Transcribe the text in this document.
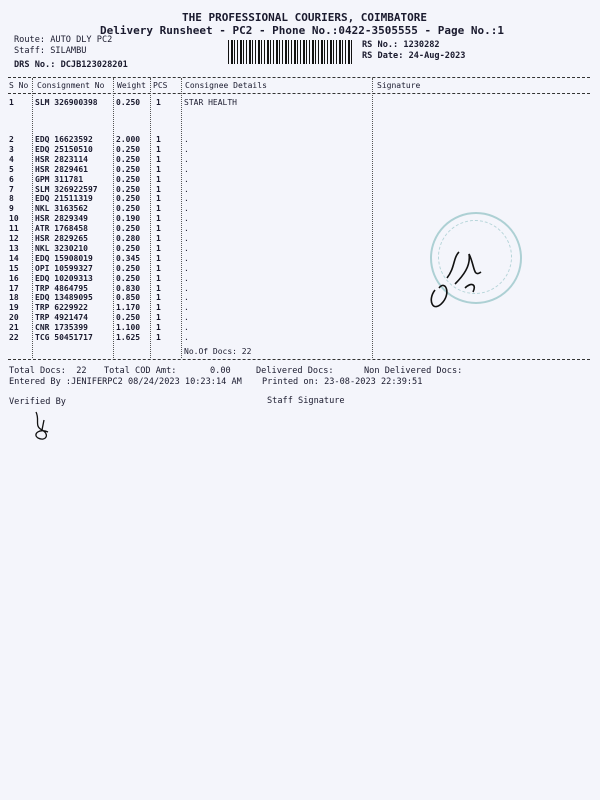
THE PROFESSIONAL COURIERS, COIMBATORE
Delivery Runsheet - PC2 - Phone No.:0422-3505555 - Page No.:1
Route: AUTO DLY PC2
Staff: SILAMBU
DRS No.: DCJB123028201
RS No.: 1230282
RS Date: 24-Aug-2023
S No Consignment No Weight PCS Consignee Details	Signature
1	SLM 326900398 0.250 1	STAR HEALTH
2	EDQ 16623592	2.000 1	.
3	EDQ 25150510	0.250 1	.
4	HSR 2823114	0.250 1	.
5	HSR 2829461	0.250 1	.
6	GPM 311781	0.250 1	.
7	SLM 326922597 0.250 1	.
8	EDQ 21511319	0.250 1	.
9	NKL 3163562	0.250 1	.
10 HSR 2829349	0.190 1	.
11 ATR 1768458	0.250 1	.
12 HSR 2829265	0.280 1	.
13 NKL 3230210	0.250 1	.
14 EDQ 15908019	0.345 1	.
15 OPI 10599327	0.250 1	.
16 EDQ 10209313	0.250 1	.
17 TRP 4864795	0.830 1	.
18 EDQ 13489095	0.850 1	.
19 TRP 6229922	1.170 1	.
20 TRP 4921474	0.250 1	.
21 CNR 1735399	1.100 1	.
22 TCG 50451717	1.625 1	.
No.Of Docs: 22
Total Docs:  22 Total COD Amt:	0.00	Delivered Docs:	Non Delivered Docs:
Entered By :JENIFERPC2 08/24/2023 10:23:14 AM Printed on: 23-08-2023 22:39:51
Verified By	Staff Signature
